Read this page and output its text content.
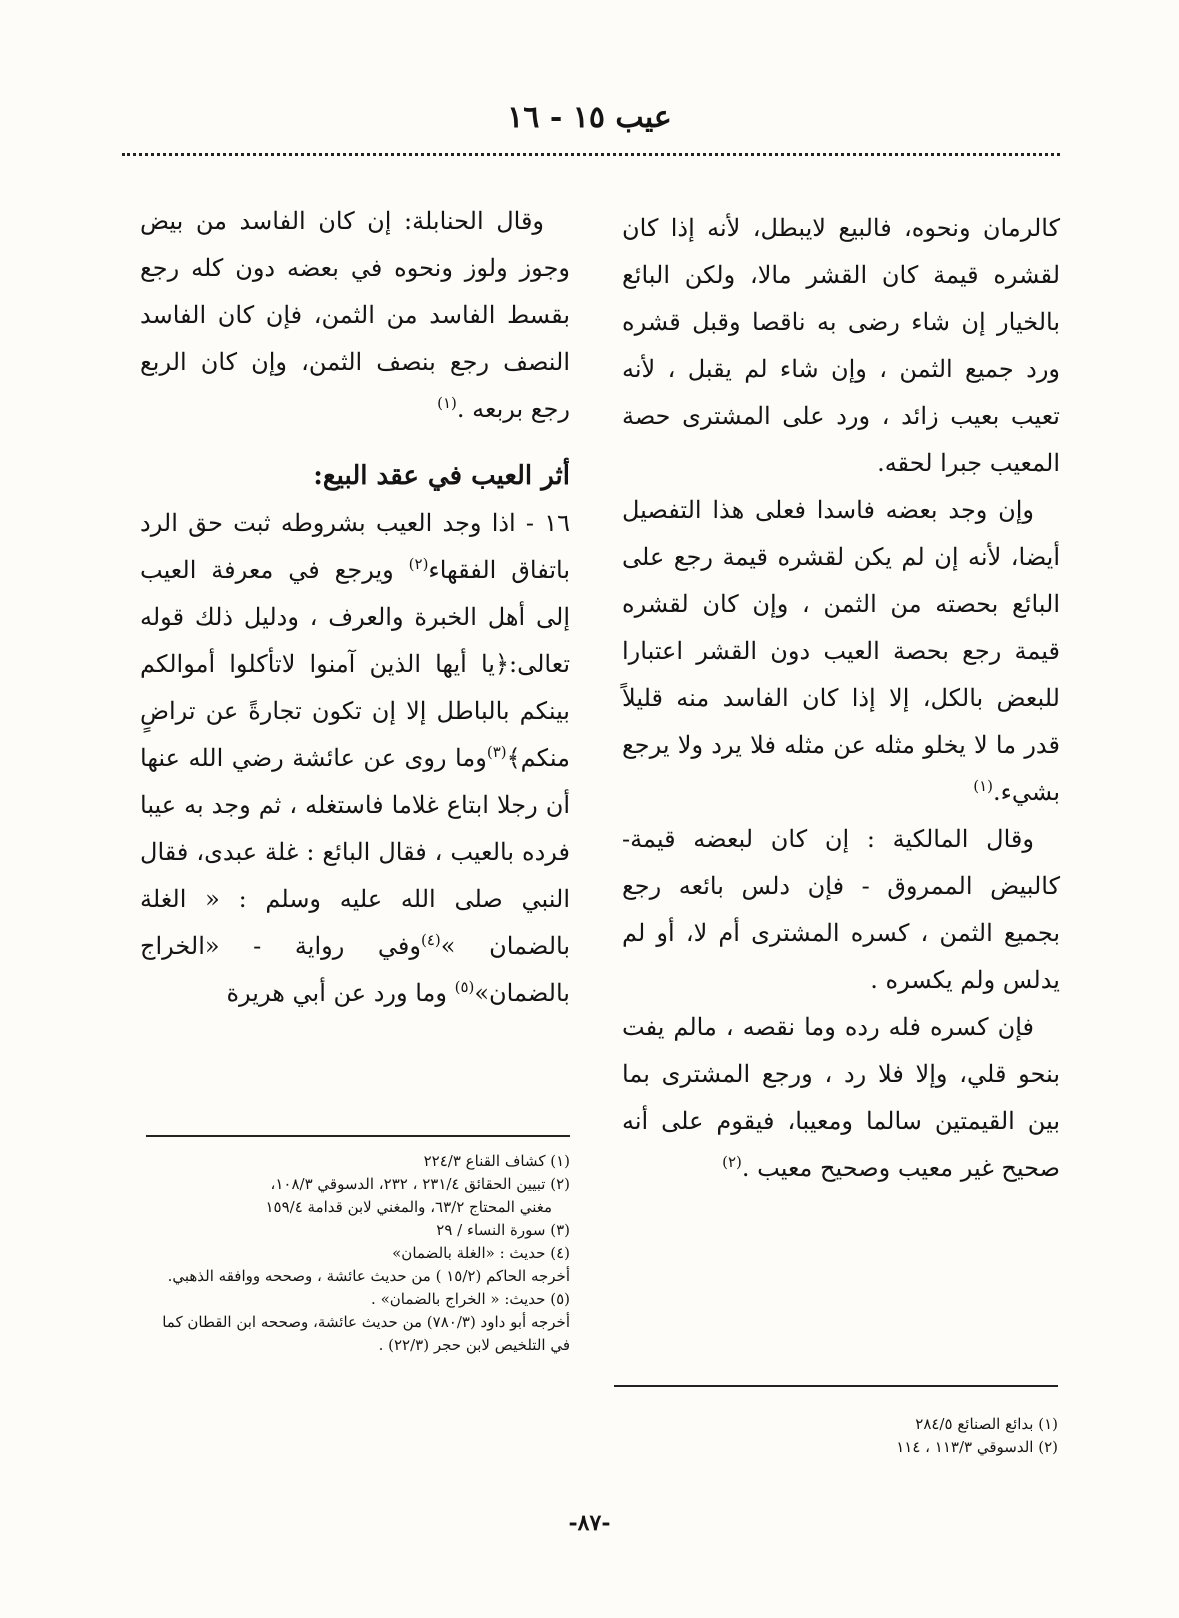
عيب ١٥ - ١٦

كالرمان ونحوه، فالبيع لايبطل، لأنه إذا كان لقشره قيمة كان القشر مالا، ولكن البائع بالخيار إن شاء رضى به ناقصا وقبل قشره ورد جميع الثمن ، وإن شاء لم يقبل ، لأنه تعيب بعيب زائد ، ورد على المشترى حصة المعيب جبرا لحقه.

وإن وجد بعضه فاسدا فعلى هذا التفصيل أيضا، لأنه إن لم يكن لقشره قيمة رجع على البائع بحصته من الثمن ، وإن كان لقشره قيمة رجع بحصة العيب دون القشر اعتبارا للبعض بالكل، إلا إذا كان الفاسد منه قليلاً قدر ما لا يخلو مثله عن مثله فلا يرد ولا يرجع بشيء.$^{(١)}$

وقال المالكية : إن كان لبعضه قيمة- كالبيض الممروق - فإن دلس بائعه رجع بجميع الثمن ، كسره المشترى أم لا، أو لم يدلس ولم يكسره .

فإن كسره فله رده وما نقصه ، مالم يفت بنحو قلي، وإلا فلا رد ، ورجع المشترى بما بين القيمتين سالما ومعيبا، فيقوم على أنه صحيح غير معيب وصحيح معيب .$^{(٢)}$

وقال الحنابلة: إن كان الفاسد من بيض وجوز ولوز ونحوه في بعضه دون كله رجع بقسط الفاسد من الثمن، فإن كان الفاسد النصف رجع بنصف الثمن، وإن كان الربع رجع بربعه .$^{(١)}$

أثر العيب في عقد البيع:

١٦ - اذا وجد العيب بشروطه ثبت حق الرد باتفاق الفقهاء$^{(٢)}$ ويرجع في معرفة العيب إلى أهل الخبرة والعرف ، ودليل ذلك قوله تعالى:﴿يا أيها الذين آمنوا لاتأكلوا أموالكم بينكم بالباطل إلا إن تكون تجارةً عن تراضٍ منكم﴾$^{(٣)}$وما روى عن عائشة رضي الله عنها أن رجلا ابتاع غلاما فاستغله ، ثم وجد به عيبا فرده بالعيب ، فقال البائع : غلة عبدى، فقال النبي صلى الله عليه وسلم : « الغلة بالضمان »$^{(٤)}$وفي رواية - «الخراج بالضمان»$^{(٥)}$ وما ورد عن أبي هريرة

(١) بدائع الصنائع ٢٨٤/٥
(٢) الدسوقي ١١٣/٣ ، ١١٤
(١) كشاف القناع ٢٢٤/٣
(٢) تبيين الحقائق ٢٣١/٤ ، ٢٣٢، الدسوقي ١٠٨/٣،
مغني المحتاج ٦٣/٢، والمغني لابن قدامة ١٥٩/٤
(٣) سورة النساء / ٢٩
(٤) حديث : «الغلة بالضمان»
أخرجه الحاكم (١٥/٢ ) من حديث عائشة ، وصححه ووافقه الذهبي.
(٥) حديث: « الخراج بالضمان» .
أخرجه أبو داود (٧٨٠/٣) من حديث عائشة، وصححه ابن القطان كما في التلخيص لابن حجر (٢٢/٣) .
-٨٧-
